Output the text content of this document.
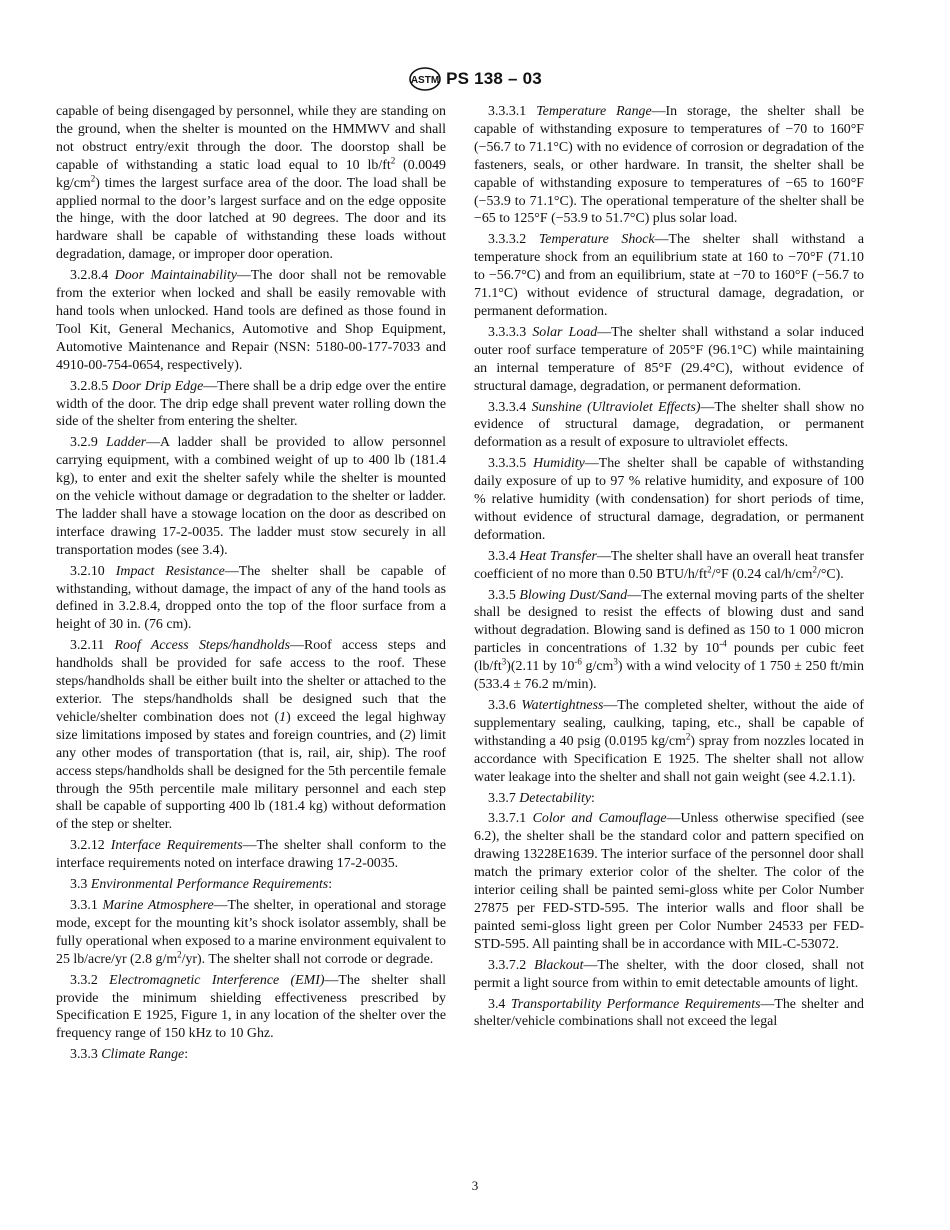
ASTM PS 138 – 03

capable of being disengaged by personnel, while they are standing on the ground, when the shelter is mounted on the HMMWV and shall not obstruct entry/exit through the door. The doorstop shall be capable of withstanding a static load equal to 10 $lb/ft^2$ (0.0049 $kg/cm^2$) times the largest surface area of the door. The load shall be applied normal to the door’s largest surface and on the edge opposite the hinge, with the door latched at 90 degrees. The door and its hardware shall be capable of withstanding these loads without degradation, damage, or improper door operation.

3.2.8.4 Door Maintainability—The door shall not be removable from the exterior when locked and shall be easily removable with hand tools when unlocked. Hand tools are defined as those found in Tool Kit, General Mechanics, Automotive and Shop Equipment, Automotive Maintenance and Repair (NSN: 5180-00-177-7033 and 4910-00-754-0654, respectively).

3.2.8.5 Door Drip Edge—There shall be a drip edge over the entire width of the door. The drip edge shall prevent water rolling down the side of the shelter from entering the shelter.

3.2.9 Ladder—A ladder shall be provided to allow personnel carrying equipment, with a combined weight of up to 400 lb (181.4 kg), to enter and exit the shelter safely while the shelter is mounted on the vehicle without damage or degradation to the shelter or ladder. The ladder shall have a stowage location on the door as described on interface drawing 17-2-0035. The ladder must stow securely in all transportation modes (see 3.4).

3.2.10 Impact Resistance—The shelter shall be capable of withstanding, without damage, the impact of any of the hand tools as defined in 3.2.8.4, dropped onto the top of the floor surface from a height of 30 in. (76 cm).

3.2.11 Roof Access Steps/handholds—Roof access steps and handholds shall be provided for safe access to the roof. These steps/handholds shall be either built into the shelter or attached to the exterior. The steps/handholds shall be designed such that the vehicle/shelter combination does not (1) exceed the legal highway size limitations imposed by states and foreign countries, and (2) limit any other modes of transportation (that is, rail, air, ship). The roof access steps/handholds shall be designed for the 5th percentile female through the 95th percentile male military personnel and each step shall be capable of supporting 400 lb (181.4 kg) without deformation of the step or shelter.

3.2.12 Interface Requirements—The shelter shall conform to the interface requirements noted on interface drawing 17-2-0035.

3.3 Environmental Performance Requirements:

3.3.1 Marine Atmosphere—The shelter, in operational and storage mode, except for the mounting kit’s shock isolator assembly, shall be fully operational when exposed to a marine environment equivalent to 25 lb/acre/yr (2.8 $g/m^2/yr$). The shelter shall not corrode or degrade.

3.3.2 Electromagnetic Interference (EMI)—The shelter shall provide the minimum shielding effectiveness prescribed by Specification E 1925, Figure 1, in any location of the shelter over the frequency range of 150 kHz to 10 Ghz.

3.3.3 Climate Range:

3.3.3.1 Temperature Range—In storage, the shelter shall be capable of withstanding exposure to temperatures of −70 to 160°F (−56.7 to 71.1°C) with no evidence of corrosion or degradation of the fasteners, seals, or other hardware. In transit, the shelter shall be capable of withstanding exposure to temperatures of −65 to 160°F (−53.9 to 71.1°C). The operational temperature of the shelter shall be −65 to 125°F (−53.9 to 51.7°C) plus solar load.

3.3.3.2 Temperature Shock—The shelter shall withstand a temperature shock from an equilibrium state at 160 to −70°F (71.10 to −56.7°C) and from an equilibrium, state at −70 to 160°F (−56.7 to 71.1°C) without evidence of structural damage, degradation, or permanent deformation.

3.3.3.3 Solar Load—The shelter shall withstand a solar induced outer roof surface temperature of 205°F (96.1°C) while maintaining an internal temperature of 85°F (29.4°C), without evidence of structural damage, degradation, or permanent deformation.

3.3.3.4 Sunshine (Ultraviolet Effects)—The shelter shall show no evidence of structural damage, degradation, or permanent deformation as a result of exposure to ultraviolet effects.

3.3.3.5 Humidity—The shelter shall be capable of withstanding daily exposure of up to 97 % relative humidity, and exposure of 100 % relative humidity (with condensation) for short periods of time, without evidence of structural damage, degradation, or permanent deformation.

3.3.4 Heat Transfer—The shelter shall have an overall heat transfer coefficient of no more than 0.50 BTU/$h/ft^2/^\circ F$ (0.24 cal/$h/cm^2/^\circ C$).

3.3.5 Blowing Dust/Sand—The external moving parts of the shelter shall be designed to resist the effects of blowing dust and sand without degradation. Blowing sand is defined as 150 to 1 000 micron particles in concentrations of 1.32 by $10^{-4}$ pounds per cubic feet $(lb/ft^3)(2.11$ by $10^{-6}$ $g/cm^3$) with a wind velocity of 1 750 ± 250 ft/min (533.4 ± 76.2 m/min).

3.3.6 Watertightness—The completed shelter, without the aide of supplementary sealing, caulking, taping, etc., shall be capable of withstanding a 40 psig (0.0195 $kg/cm^2$) spray from nozzles located in accordance with Specification E 1925. The shelter shall not allow water leakage into the shelter and shall not gain weight (see 4.2.1.1).

3.3.7 Detectability:

3.3.7.1 Color and Camouflage—Unless otherwise specified (see 6.2), the shelter shall be the standard color and pattern specified on drawing 13228E1639. The interior surface of the personnel door shall match the primary exterior color of the shelter. The color of the interior ceiling shall be painted semi-gloss white per Color Number 27875 per FED-STD-595. The interior walls and floor shall be painted semi-gloss light green per Color Number 24533 per FED-STD-595. All painting shall be in accordance with MIL-C-53072.

3.3.7.2 Blackout—The shelter, with the door closed, shall not permit a light source from within to emit detectable amounts of light.

3.4 Transportability Performance Requirements—The shelter and shelter/vehicle combinations shall not exceed the legal

3
